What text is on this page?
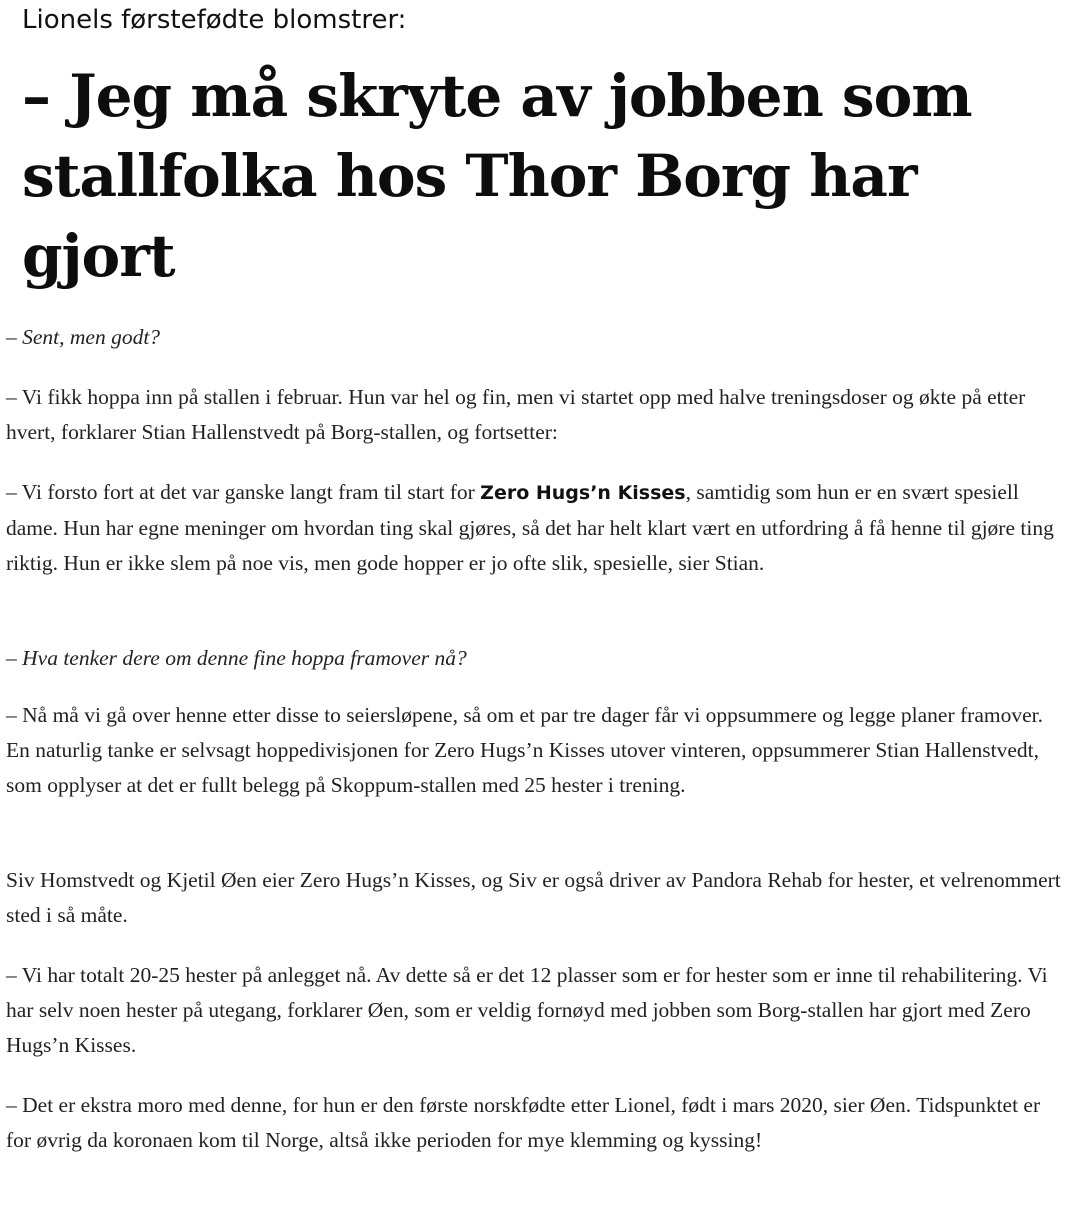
Lionels førstefødte blomstrer:
– Jeg må skryte av jobben som stallfolka hos Thor Borg har gjort

– Sent, men godt?

– Vi fikk hoppa inn på stallen i februar. Hun var hel og fin, men vi startet opp med halve treningsdoser og økte på etter hvert, forklarer Stian Hallenstvedt på Borg-stallen, og fortsetter:

– Vi forsto fort at det var ganske langt fram til start for Zero Hugs’n Kisses, samtidig som hun er en svært spesiell dame. Hun har egne meninger om hvordan ting skal gjøres, så det har helt klart vært en utfordring å få henne til gjøre ting riktig. Hun er ikke slem på noe vis, men gode hopper er jo ofte slik, spesielle, sier Stian.

– Hva tenker dere om denne fine hoppa framover nå?

– Nå må vi gå over henne etter disse to seiersløpene, så om et par tre dager får vi oppsummere og legge planer framover. En naturlig tanke er selvsagt hoppedivisjonen for Zero Hugs’n Kisses utover vinteren, oppsummerer Stian Hallenstvedt, som opplyser at det er fullt belegg på Skoppum-stallen med 25 hester i trening.

Siv Homstvedt og Kjetil Øen eier Zero Hugs’n Kisses, og Siv er også driver av Pandora Rehab for hester, et velrenommert sted i så måte.

– Vi har totalt 20-25 hester på anlegget nå. Av dette så er det 12 plasser som er for hester som er inne til rehabilitering. Vi har selv noen hester på utegang, forklarer Øen, som er veldig fornøyd med jobben som Borg-stallen har gjort med Zero Hugs’n Kisses.

– Det er ekstra moro med denne, for hun er den første norskfødte etter Lionel, født i mars 2020, sier Øen. Tidspunktet er for øvrig da koronaen kom til Norge, altså ikke perioden for mye klemming og kyssing!
